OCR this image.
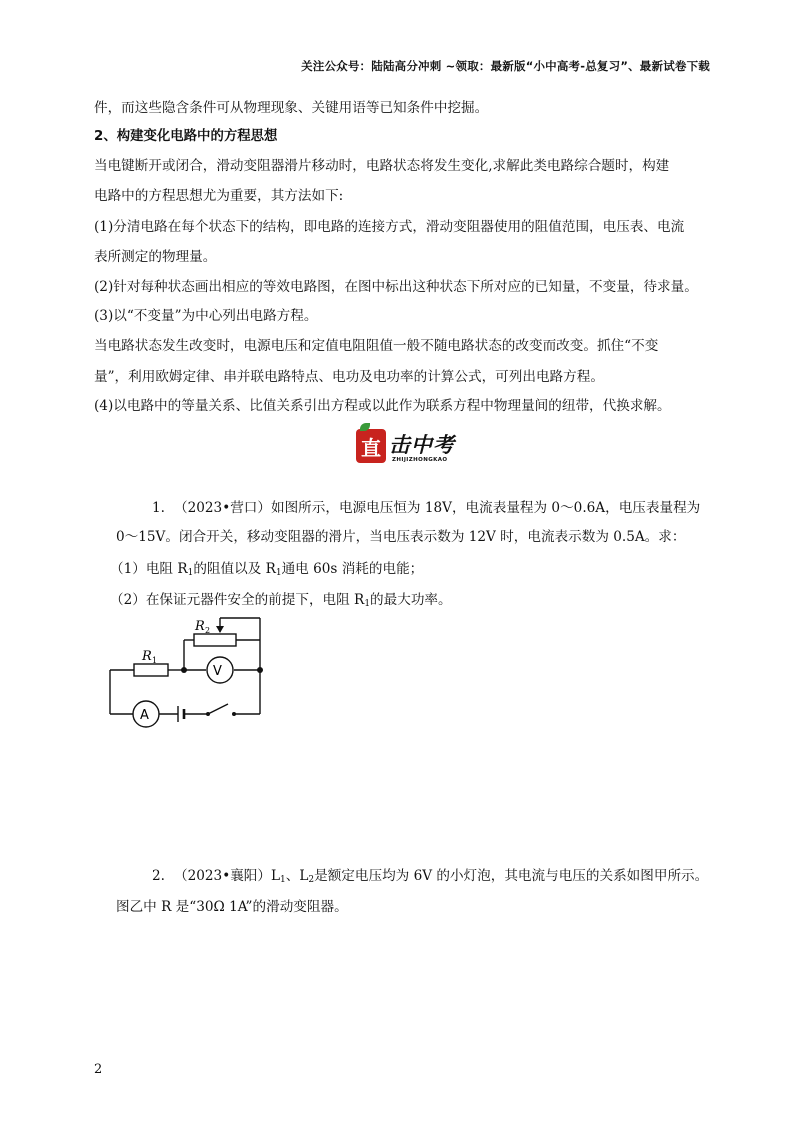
关注公众号：陆陆高分冲刺 ~领取：最新版“小中高考-总复习”、最新试卷下载
件，而这些隐含条件可从物理现象、关键用语等已知条件中挖掘。
2、构建变化电路中的方程思想
当电键断开或闭合，滑动变阻器滑片移动时，电路状态将发生变化,求解此类电路综合题时，构建
电路中的方程思想尤为重要，其方法如下:
(1)分清电路在每个状态下的结构，即电路的连接方式，滑动变阻器使用的阻值范围，电压表、电流
表所测定的物理量。
(2)针对每种状态画出相应的等效电路图，在图中标出这种状态下所对应的已知量，不变量，待求量。
(3)以“不变量”为中心列出电路方程。
当电路状态发生改变时，电源电压和定值电阻阻值一般不随电路状态的改变而改变。抓住“不变
量”，利用欧姆定律、串并联电路特点、电功及电功率的计算公式，可列出电路方程。
(4)以电路中的等量关系、比值关系引出方程或以此作为联系方程中物理量间的纽带，代换求解。
直 击中考
ZHIJIZHONGKAO
1. （2023•营口）如图所示，电源电压恒为 18V，电流表量程为 0～0.6A，电压表量程为
0～15V。闭合开关，移动变阻器的滑片，当电压表示数为 12V 时，电流表示数为 0.5A。求：
（1）电阻 $R_1$的阻值以及 $R_1$通电 60s 消耗的电能；
（2）在保证元器件安全的前提下，电阻 $R_1$的最大功率。
V
A
R 1
R 2
2. （2023•襄阳）$L_1$、$L_2$是额定电压均为 6V 的小灯泡，其电流与电压的关系如图甲所示。
图乙中 R 是“30Ω 1A”的滑动变阻器。
2
